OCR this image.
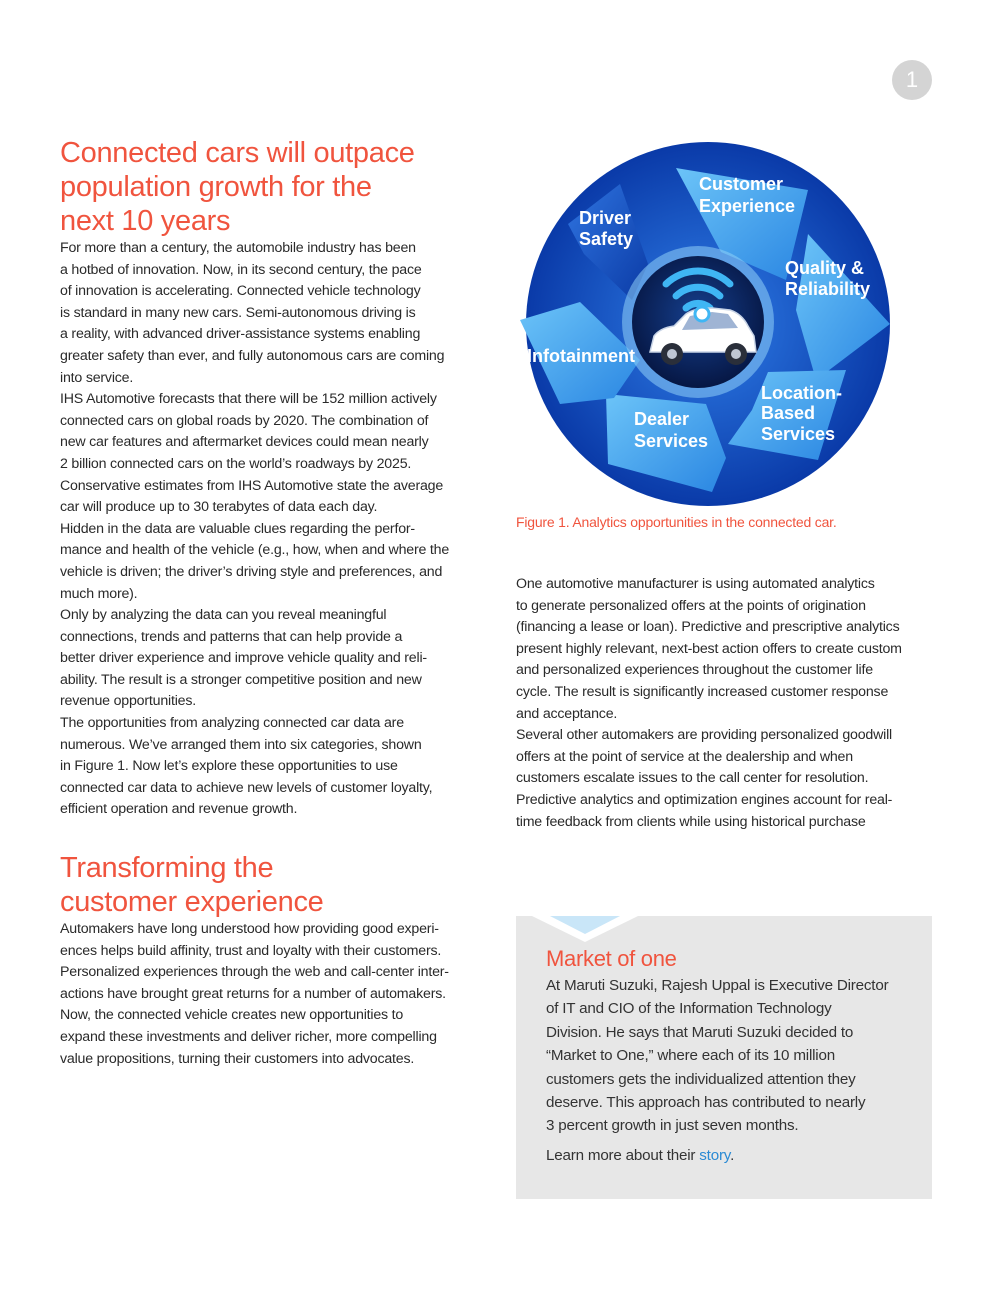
1
Connected cars will outpace
population growth for the
next 10 years

For more than a century, the automobile industry has been
a hotbed of innovation. Now, in its second century, the pace
of innovation is accelerating. Connected vehicle technology
is standard in many new cars. Semi-autonomous driving is
a reality, with advanced driver-assistance systems enabling
greater safety than ever, and fully autonomous cars are coming
into service.

IHS Automotive forecasts that there will be 152 million actively
connected cars on global roads by 2020. The combination of
new car features and aftermarket devices could mean nearly
2 billion connected cars on the world’s roadways by 2025.

Conservative estimates from IHS Automotive state the average
car will produce up to 30 terabytes of data each day.

Hidden in the data are valuable clues regarding the perfor-
mance and health of the vehicle (e.g., how, when and where the
vehicle is driven; the driver’s driving style and preferences, and
much more).

Only by analyzing the data can you reveal meaningful
connections, trends and patterns that can help provide a
better driver experience and improve vehicle quality and reli-
ability. The result is a stronger competitive position and new
revenue opportunities.

The opportunities from analyzing connected car data are
numerous. We’ve arranged them into six categories, shown
in Figure 1. Now let’s explore these opportunities to use
connected car data to achieve new levels of customer loyalty,
efficient operation and revenue growth.

Transforming the
customer experience

Automakers have long understood how providing good experi-
ences helps build affinity, trust and loyalty with their customers.
Personalized experiences through the web and call-center inter-
actions have brought great returns for a number of automakers.

Now, the connected vehicle creates new opportunities to
expand these investments and deliver richer, more compelling
value propositions, turning their customers into advocates.

Customer Experience
Quality & Reliability
Location- Based Services
Dealer Services
Infotainment
Driver Safety
Figure 1. Analytics opportunities in the connected car.

One automotive manufacturer is using automated analytics
to generate personalized offers at the points of origination
(financing a lease or loan). Predictive and prescriptive analytics
present highly relevant, next-best action offers to create custom
and personalized experiences throughout the customer life
cycle. The result is significantly increased customer response
and acceptance.

Several other automakers are providing personalized goodwill
offers at the point of service at the dealership and when
customers escalate issues to the call center for resolution.

Predictive analytics and optimization engines account for real-
time feedback from clients while using historical purchase

Market of one

At Maruti Suzuki, Rajesh Uppal is Executive Director
of IT and CIO of the Information Technology
Division. He says that Maruti Suzuki decided to
“Market to One,” where each of its 10 million
customers gets the individualized attention they
deserve. This approach has contributed to nearly
3 percent growth in just seven months.

Learn more about their story.
